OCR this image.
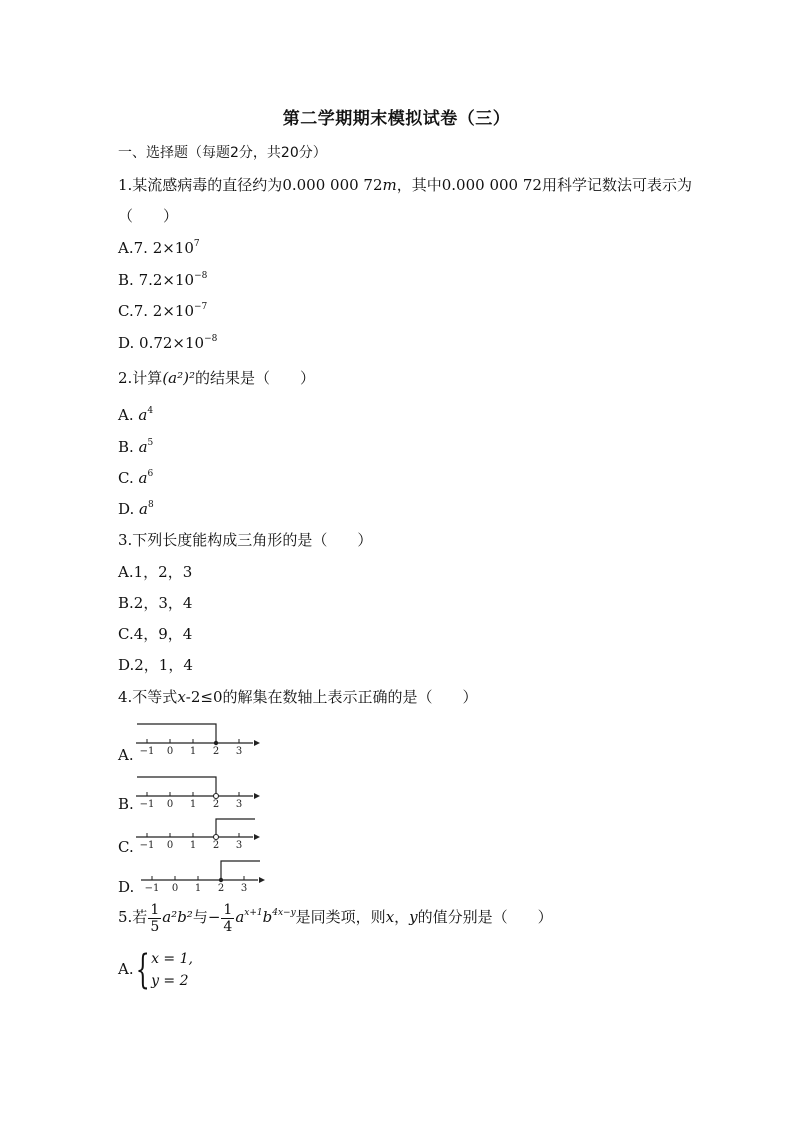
第二学期期末模拟试卷（三）
一、选择题（每题2分，共20分）
1.某流感病毒的直径约为0.000 000 72m，其中0.000 000 72用科学记数法可表示为
（　　）
A.7. $2\times 10^7$
B. $7.2\times 10^{-8}$
C.7. $2\times 10^{-7}$
D. $0.72\times 10^{-8}$
2.计算(a²)²的结果是（　　）
A. $a^4$
B. $a^5$
C. $a^6$
D. $a^8$
3.下列长度能构成三角形的是（　　）
A.1，2，3
B.2，3，4
C.4，9，4
D.2，1，4
4.不等式x-2≤0的解集在数轴上表示正确的是（　　）
A. −1 0 1 2 3
B. −1 0 1 2 3
C. −1 0 1 2 3
D. −1 0 1 2 3
5.若 $\frac{1}{5} a^2b^2$与− $\frac{1}{4} a^{x+1}b^{4x-y}$是同类项，则x，y的值分别是（　　）
A.{ x = 1,
y = 2
